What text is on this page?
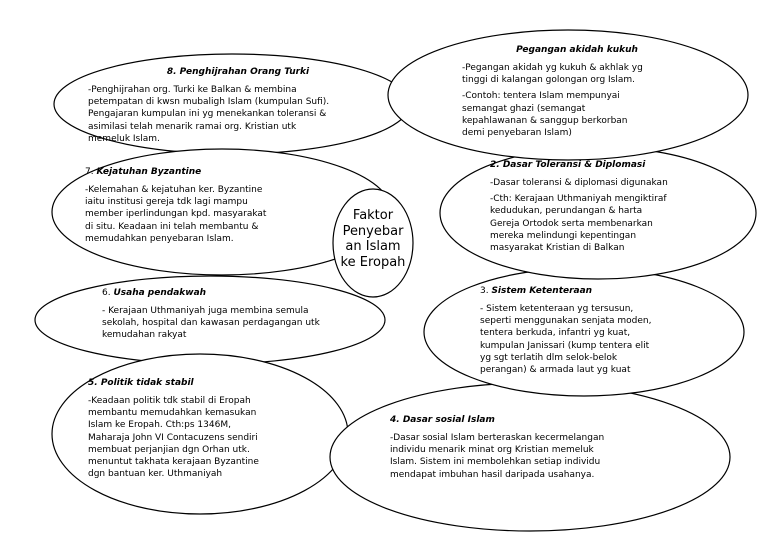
Faktor
Penyebar
an Islam
ke Eropah
8. Penghijrahan Orang Turki
-Penghijrahan org. Turki ke Balkan & membina
petempatan di kwsn mubaligh Islam (kumpulan Sufi).
Pengajaran kumpulan ini yg menekankan toleransi &
asimilasi telah menarik ramai org. Kristian utk
memeluk Islam.
Pegangan akidah kukuh
-Pegangan akidah yg kukuh & akhlak yg
tinggi di kalangan golongan org Islam.
-Contoh: tentera Islam mempunyai
semangat ghazi (semangat
kepahlawanan & sanggup berkorban
demi penyebaran Islam)
7. Kejatuhan Byzantine
-Kelemahan & kejatuhan ker. Byzantine
iaitu institusi gereja tdk lagi mampu
member iperlindungan kpd. masyarakat
di situ. Keadaan ini telah membantu &
memudahkan penyebaran Islam.
2. Dasar Toleransi & Diplomasi
-Dasar toleransi & diplomasi digunakan
-Cth: Kerajaan Uthmaniyah mengiktiraf
kedudukan, perundangan & harta
Gereja Ortodok serta membenarkan
mereka melindungi kepentingan
masyarakat Kristian di Balkan
6. Usaha pendakwah
- Kerajaan Uthmaniyah juga membina semula
sekolah, hospital dan kawasan perdagangan utk
kemudahan rakyat
3. Sistem Ketenteraan
- Sistem ketenteraan yg tersusun,
seperti menggunakan senjata moden,
tentera berkuda, infantri yg kuat,
kumpulan Janissari (kump tentera elit
yg sgt terlatih dlm selok-belok
perangan) & armada laut yg kuat
5. Politik tidak stabil
-Keadaan politik tdk stabil di Eropah
membantu memudahkan kemasukan
Islam ke Eropah. Cth:ps 1346M,
Maharaja John VI Contacuzens sendiri
membuat perjanjian dgn Orhan utk.
menuntut takhata kerajaan Byzantine
dgn bantuan ker. Uthmaniyah
4. Dasar sosial Islam
-Dasar sosial Islam berteraskan kecermelangan
individu menarik minat org Kristian memeluk
Islam. Sistem ini membolehkan setiap individu
mendapat imbuhan hasil daripada usahanya.
